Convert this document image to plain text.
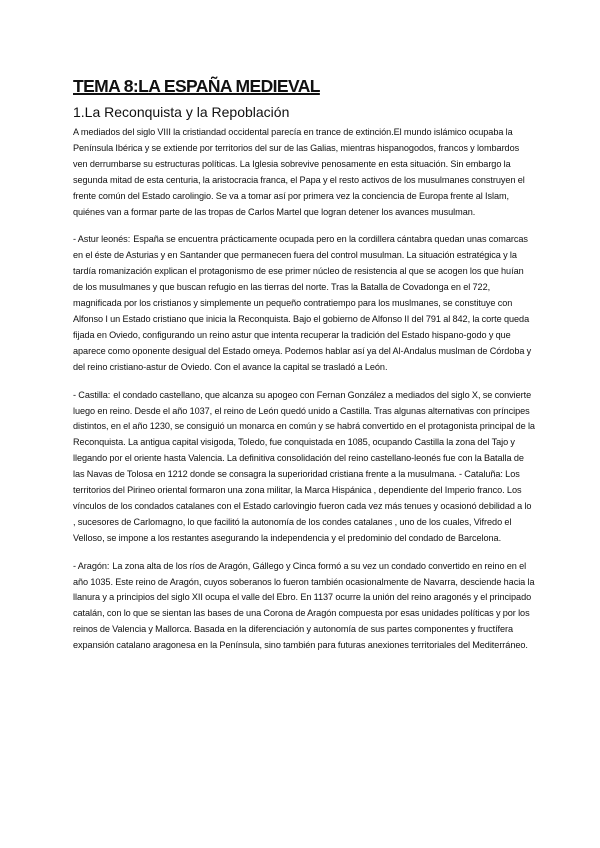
TEMA 8:LA ESPAÑA MEDIEVAL
1.La Reconquista y la Repoblación

A mediados del siglo VIII la cristiandad occidental parecía en trance de extinción.El mundo islámico ocupaba la Península Ibérica y se extiende por territorios del sur de las Galias, mientras hispanogodos, francos y lombardos ven derrumbarse su estructuras políticas. La Iglesia sobrevive penosamente en esta situación. Sin embargo la segunda mitad de esta centuria, la aristocracia franca, el Papa y el resto activos de los musulmanes construyen el frente común del Estado carolingio. Se va a tomar así por primera vez la conciencia de Europa frente al Islam, quiénes van a formar parte de las tropas de Carlos Martel que logran detener los avances musulman.

- Astur leonés: España se encuentra prácticamente ocupada pero en la cordillera cántabra quedan unas comarcas en el éste de Asturias y en Santander que permanecen fuera del control musulman. La situación estratégica y la tardía romanización explican el protagonismo de ese primer núcleo de resistencia al que se acogen los que huían de los musulmanes y que buscan refugio en las tierras del norte. Tras la Batalla de Covadonga en el 722, magnificada por los cristianos y simplemente un pequeño contratiempo para los muslmanes, se constituye con Alfonso I un Estado cristiano que inicia la Reconquista. Bajo el gobierno de Alfonso II del 791 al 842, la corte queda fijada en Oviedo, configurando un reino astur que intenta recuperar la tradición del Estado hispano-godo y que aparece como oponente desigual del Estado omeya. Podemos hablar así ya del Al-Andalus muslman de Córdoba y del reino cristiano-astur de Oviedo. Con el avance la capital se trasladó a León.

- Castilla: el condado castellano, que alcanza su apogeo con Fernan González a mediados del siglo X, se convierte luego en reino. Desde el año 1037, el reino de León quedó unido a Castilla. Tras algunas alternativas con príncipes distintos, en el año 1230, se consiguió un monarca en común y se habrá convertido en el protagonista principal de la Reconquista. La antigua capital visigoda, Toledo, fue conquistada en 1085, ocupando Castilla la zona del Tajo y llegando por el oriente hasta Valencia. La definitiva consolidación del reino castellano-leonés fue con la Batalla de las Navas de Tolosa en 1212 donde se consagra la superioridad cristiana frente a la musulmana. - Cataluña: Los territorios del Pirineo oriental formaron una zona militar, la Marca Hispánica , dependiente del Imperio franco. Los vínculos de los condados catalanes con el Estado carlovingio fueron cada vez más tenues y ocasionó debilidad a lo , sucesores de Carlomagno, lo que facilitó la autonomía de los condes catalanes , uno de los cuales, Vifredo el Velloso, se impone a los restantes asegurando la independencia y el predominio del condado de Barcelona.

- Aragón: La zona alta de los ríos de Aragón, Gállego y Cinca formó a su vez un condado convertido en reino en el año 1035. Este reino de Aragón, cuyos soberanos lo fueron también ocasionalmente de Navarra, desciende hacia la llanura y a principios del siglo XII ocupa el valle del Ebro. En 1137 ocurre la unión del reino aragonés y el principado catalán, con lo que se sientan las bases de una Corona de Aragón compuesta por esas unidades políticas y por los reinos de Valencia y Mallorca. Basada en la diferenciación y autonomía de sus partes componentes y fructífera expansión catalano aragonesa en la Península, sino también para futuras anexiones territoriales del Mediterráneo.
